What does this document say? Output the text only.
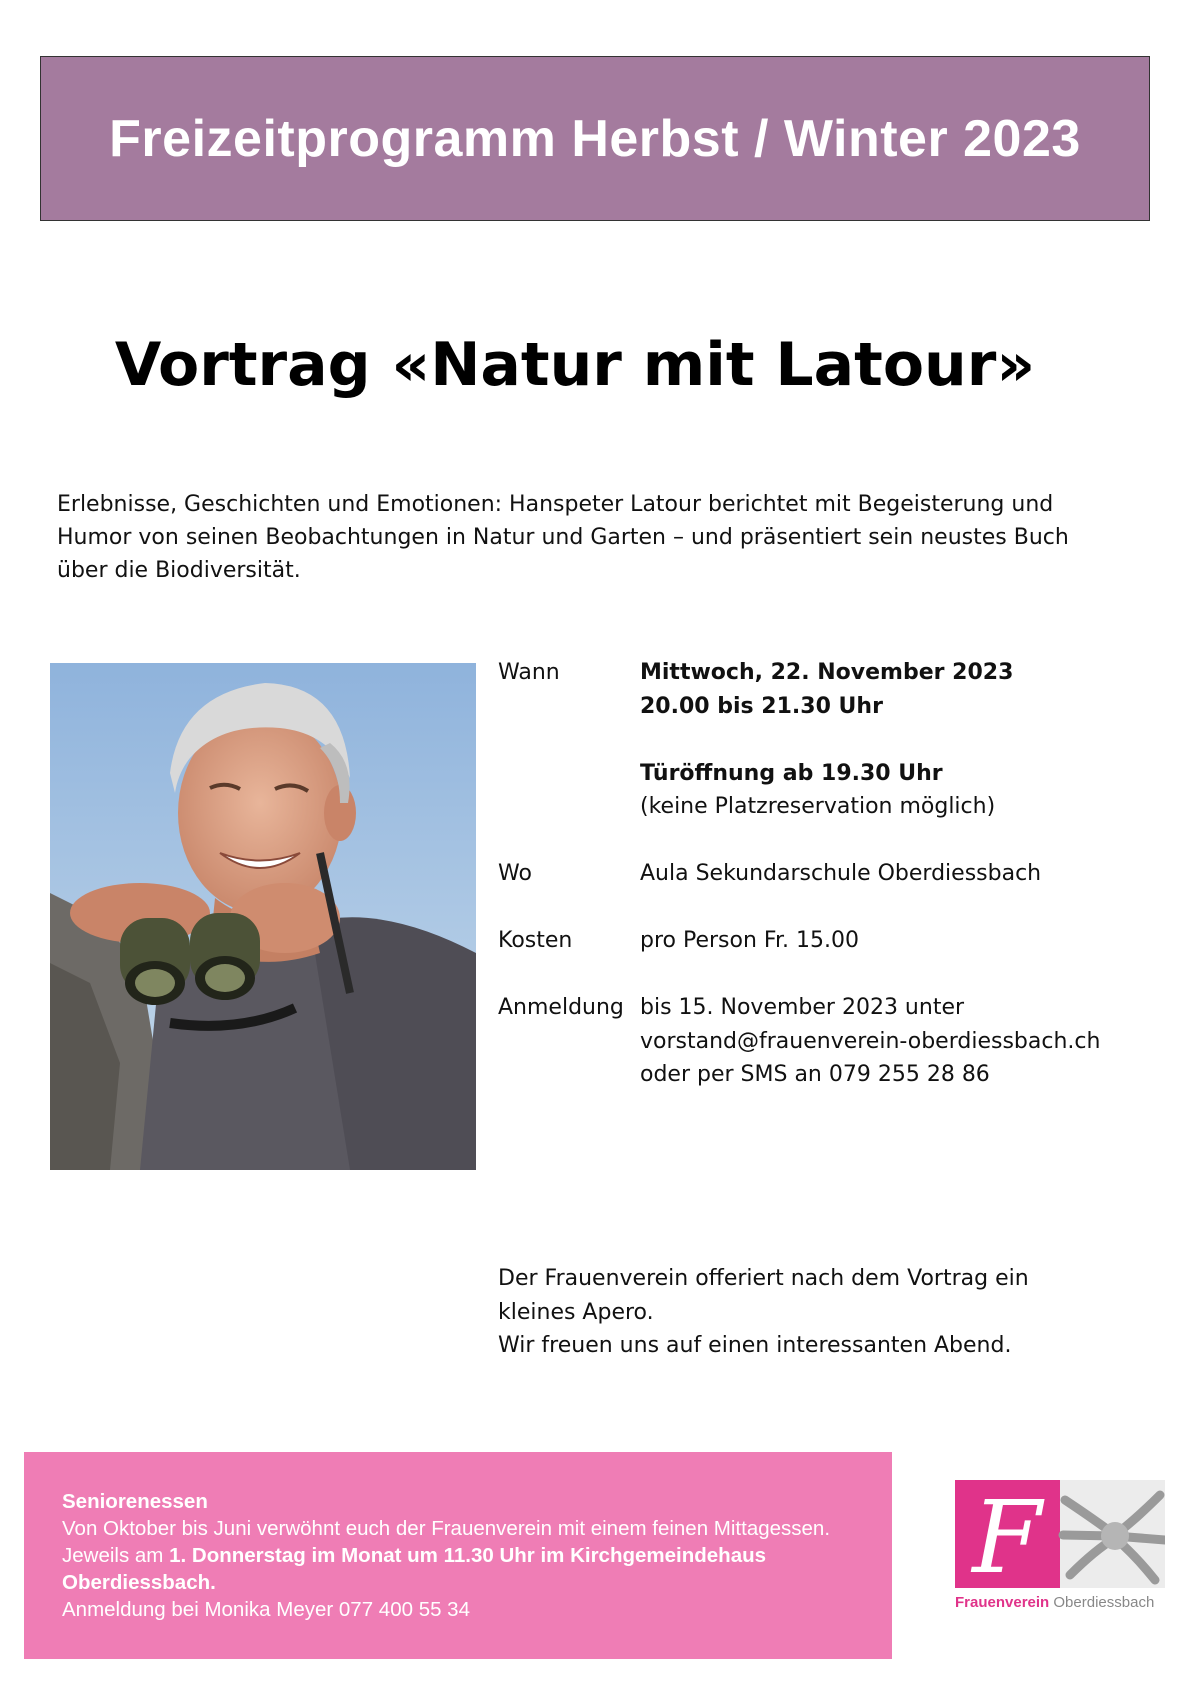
Freizeitprogramm Herbst / Winter 2023
Vortrag «Natur mit Latour»
Erlebnisse, Geschichten und Emotionen: Hanspeter Latour berichtet mit Begeisterung und Humor von seinen Beobachtungen in Natur und Garten – und präsentiert sein neustes Buch über die Biodiversität.
Wann	Mittwoch, 22. November 2023
20.00 bis 21.30 Uhr
Türöffnung ab 19.30 Uhr
(keine Platzreservation möglich)
Wo	Aula Sekundarschule Oberdiessbach
Kosten	pro Person Fr. 15.00
Anmeldung bis 15. November 2023 unter
vorstand@frauenverein-oberdiessbach.ch
oder per SMS an 079 255 28 86
Der Frauenverein offeriert nach dem Vortrag ein
kleines Apero.
Wir freuen uns auf einen interessanten Abend.
Seniorenessen
Von Oktober bis Juni verwöhnt euch der Frauenverein mit einem feinen Mittagessen.
Jeweils am 1. Donnerstag im Monat um 11.30 Uhr im Kirchgemeindehaus
Oberdiessbach.
Anmeldung bei Monika Meyer 077 400 55 34
F
Frauenverein Oberdiessbach
